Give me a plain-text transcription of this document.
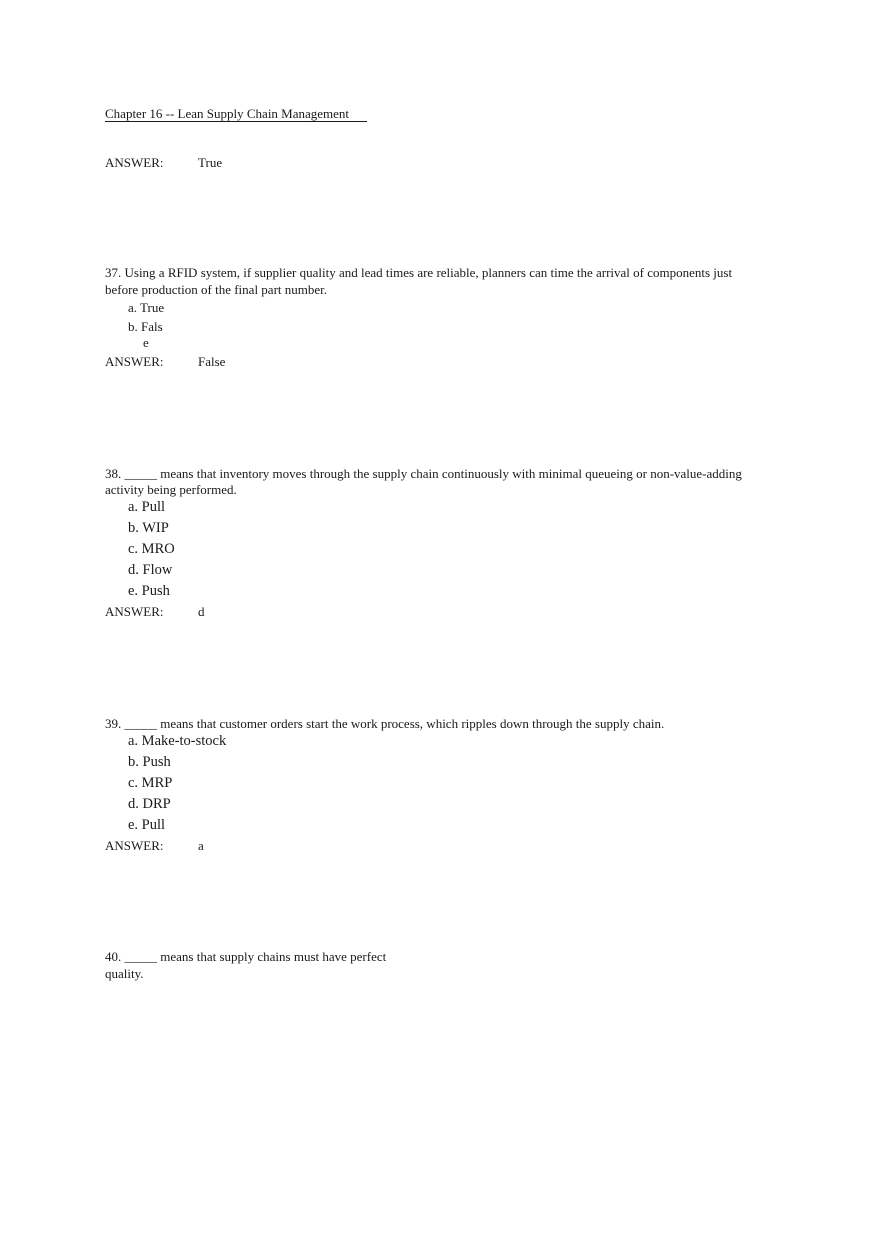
Chapter 16 -- Lean Supply Chain Management
ANSWER:	True
37. Using a RFID system, if supplier quality and lead times are reliable, planners can time the arrival of components just
before production of the final part number.
a. True
b. Fals
e
ANSWER:	False
38. _____ means that inventory moves through the supply chain continuously with minimal queueing or non-value-adding
activity being performed.
a. Pull
b. WIP
c. MRO
d. Flow
e. Push
ANSWER:	d
39. _____ means that customer orders start the work process, which ripples down through the supply chain.
a. Make-to-stock
b. Push
c. MRP
d. DRP
e. Pull
ANSWER:	a
40. _____ means that supply chains must have perfect
quality.
